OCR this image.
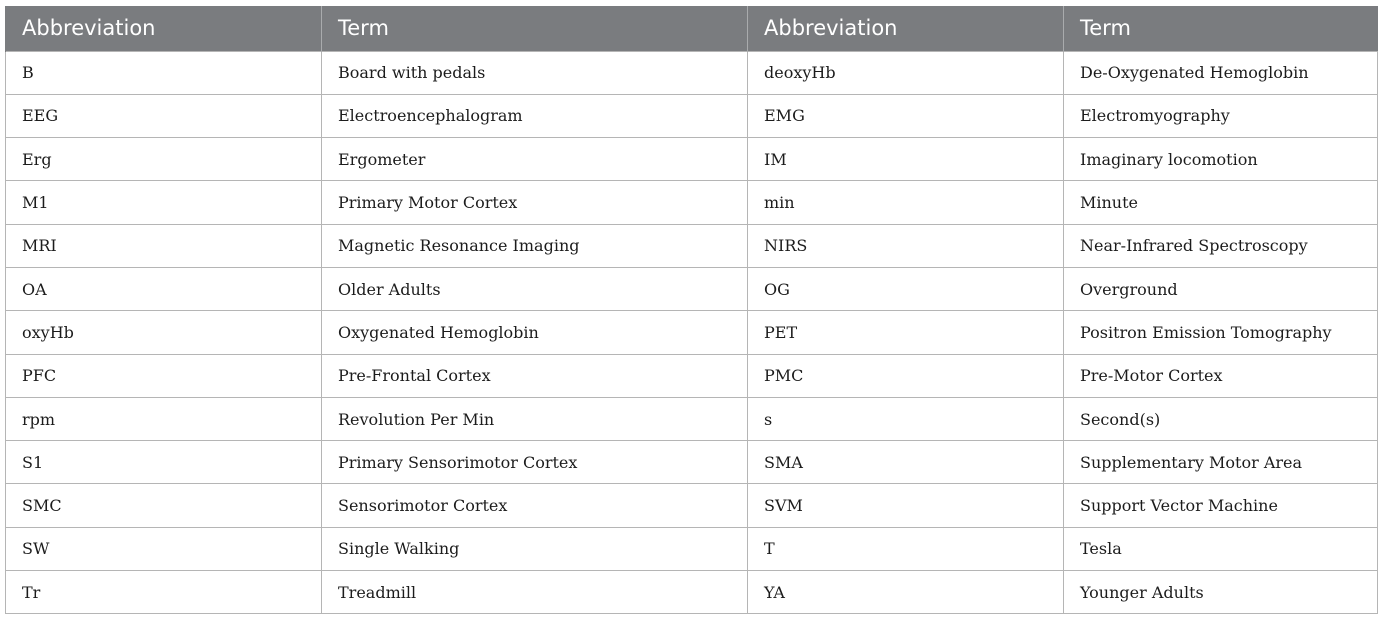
Abbreviation	Term	Abbreviation	Term
B	Board with pedals	deoxyHb	De-Oxygenated Hemoglobin
EEG	Electroencephalogram	EMG	Electromyography
Erg	Ergometer	IM	Imaginary locomotion
M1	Primary Motor Cortex	min	Minute
MRI	Magnetic Resonance Imaging	NIRS	Near-Infrared Spectroscopy
OA	Older Adults	OG	Overground
oxyHb	Oxygenated Hemoglobin	PET	Positron Emission Tomography
PFC	Pre-Frontal Cortex	PMC	Pre-Motor Cortex
rpm	Revolution Per Min	s	Second(s)
S1	Primary Sensorimotor Cortex	SMA	Supplementary Motor Area
SMC	Sensorimotor Cortex	SVM	Support Vector Machine
SW	Single Walking	T	Tesla
Tr	Treadmill	YA	Younger Adults
